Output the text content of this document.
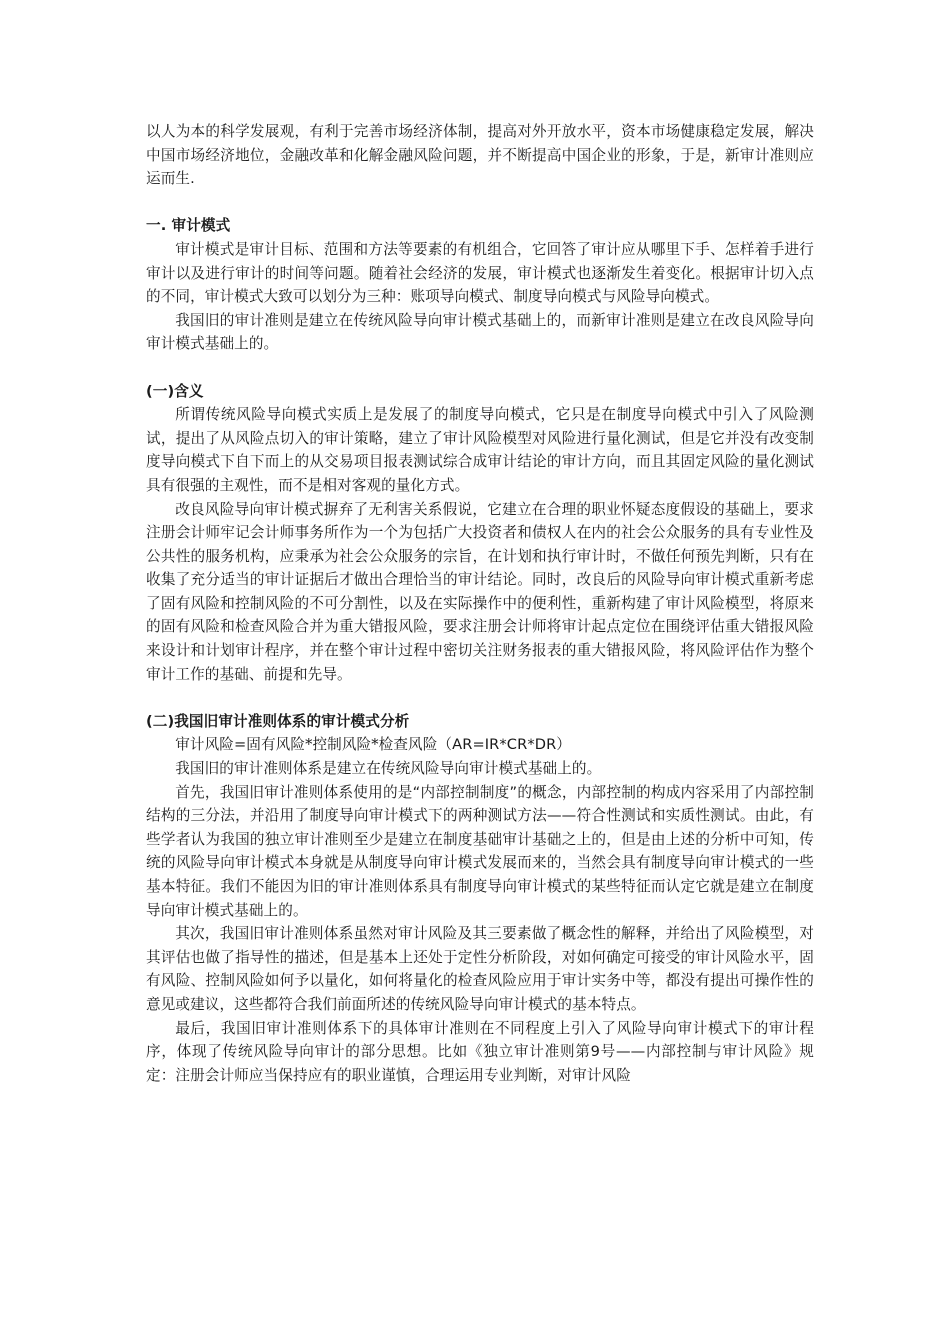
以人为本的科学发展观，有利于完善市场经济体制，提高对外开放水平，资本市场健康稳定发展，解决中国市场经济地位，金融改革和化解金融风险问题，并不断提高中国企业的形象，于是，新审计准则应运而生.

一. 审计模式

审计模式是审计目标、范围和方法等要素的有机组合，它回答了审计应从哪里下手、怎样着手进行审计以及进行审计的时间等问题。随着社会经济的发展，审计模式也逐渐发生着变化。根据审计切入点的不同，审计模式大致可以划分为三种：账项导向模式、制度导向模式与风险导向模式。

我国旧的审计准则是建立在传统风险导向审计模式基础上的，而新审计准则是建立在改良风险导向审计模式基础上的。

(一)含义

所谓传统风险导向模式实质上是发展了的制度导向模式，它只是在制度导向模式中引入了风险测试，提出了从风险点切入的审计策略，建立了审计风险模型对风险进行量化测试，但是它并没有改变制度导向模式下自下而上的从交易项目报表测试综合成审计结论的审计方向，而且其固定风险的量化测试具有很强的主观性，而不是相对客观的量化方式。

改良风险导向审计模式摒弃了无利害关系假说，它建立在合理的职业怀疑态度假设的基础上，要求注册会计师牢记会计师事务所作为一个为包括广大投资者和债权人在内的社会公众服务的具有专业性及公共性的服务机构，应秉承为社会公众服务的宗旨，在计划和执行审计时，不做任何预先判断，只有在收集了充分适当的审计证据后才做出合理恰当的审计结论。同时，改良后的风险导向审计模式重新考虑了固有风险和控制风险的不可分割性，以及在实际操作中的便利性，重新构建了审计风险模型，将原来的固有风险和检查风险合并为重大错报风险，要求注册会计师将审计起点定位在围绕评估重大错报风险来设计和计划审计程序，并在整个审计过程中密切关注财务报表的重大错报风险，将风险评估作为整个审计工作的基础、前提和先导。

(二)我国旧审计准则体系的审计模式分析

审计风险=固有风险*控制风险*检查风险（AR=IR*CR*DR）

我国旧的审计准则体系是建立在传统风险导向审计模式基础上的。

首先，我国旧审计准则体系使用的是“内部控制制度”的概念，内部控制的构成内容采用了内部控制结构的三分法，并沿用了制度导向审计模式下的两种测试方法——符合性测试和实质性测试。由此，有些学者认为我国的独立审计准则至少是建立在制度基础审计基础之上的，但是由上述的分析中可知，传统的风险导向审计模式本身就是从制度导向审计模式发展而来的，当然会具有制度导向审计模式的一些基本特征。我们不能因为旧的审计准则体系具有制度导向审计模式的某些特征而认定它就是建立在制度导向审计模式基础上的。

其次，我国旧审计准则体系虽然对审计风险及其三要素做了概念性的解释，并给出了风险模型，对其评估也做了指导性的描述，但是基本上还处于定性分析阶段，对如何确定可接受的审计风险水平，固有风险、控制风险如何予以量化，如何将量化的检查风险应用于审计实务中等，都没有提出可操作性的意见或建议，这些都符合我们前面所述的传统风险导向审计模式的基本特点。

最后，我国旧审计准则体系下的具体审计准则在不同程度上引入了风险导向审计模式下的审计程序，体现了传统风险导向审计的部分思想。比如《独立审计准则第9号——内部控制与审计风险》规定：注册会计师应当保持应有的职业谨慎，合理运用专业判断，对审计风险
